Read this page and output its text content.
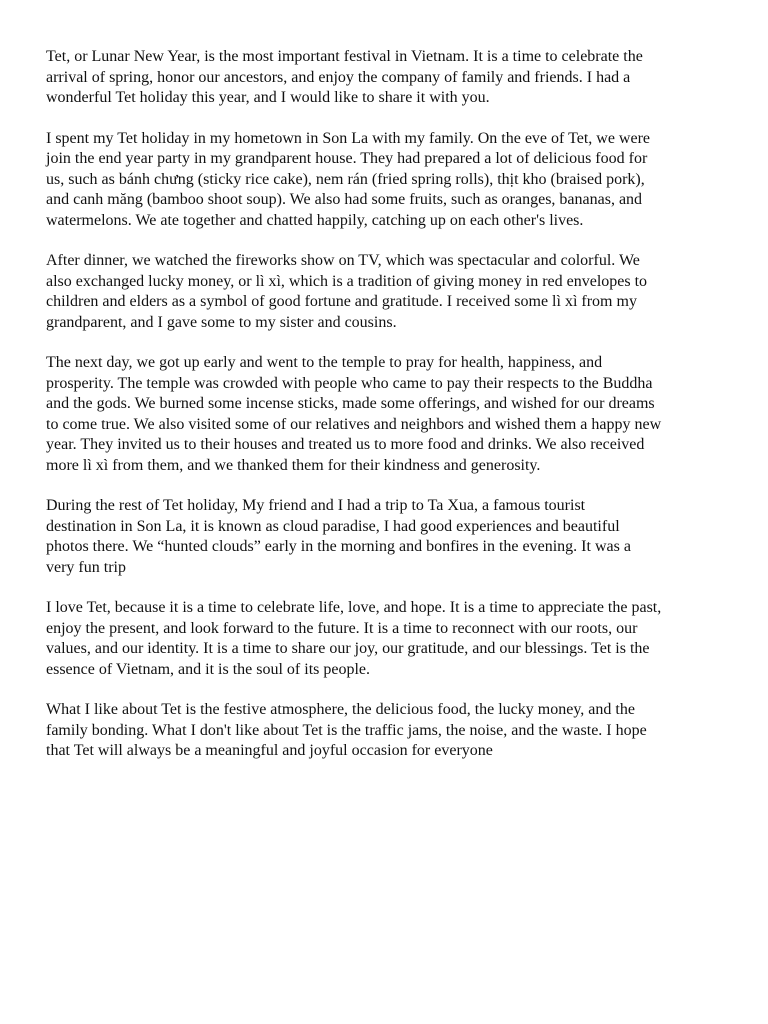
Tet, or Lunar New Year, is the most important festival in Vietnam. It is a time to celebrate the
arrival of spring, honor our ancestors, and enjoy the company of family and friends. I had a
wonderful Tet holiday this year, and I would like to share it with you.

I spent my Tet holiday in my hometown in Son La with my family. On the eve of Tet, we were
join the end year party in my grandparent house. They had prepared a lot of delicious food for
us, such as bánh chưng (sticky rice cake), nem rán (fried spring rolls), thịt kho (braised pork),
and canh măng (bamboo shoot soup). We also had some fruits, such as oranges, bananas, and
watermelons. We ate together and chatted happily, catching up on each other's lives.

After dinner, we watched the fireworks show on TV, which was spectacular and colorful. We
also exchanged lucky money, or lì xì, which is a tradition of giving money in red envelopes to
children and elders as a symbol of good fortune and gratitude. I received some lì xì from my
grandparent, and I gave some to my sister and cousins.

The next day, we got up early and went to the temple to pray for health, happiness, and
prosperity. The temple was crowded with people who came to pay their respects to the Buddha
and the gods. We burned some incense sticks, made some offerings, and wished for our dreams
to come true. We also visited some of our relatives and neighbors and wished them a happy new
year. They invited us to their houses and treated us to more food and drinks. We also received
more lì xì from them, and we thanked them for their kindness and generosity.

During the rest of Tet holiday, My friend and I had a trip to Ta Xua, a famous tourist
destination in Son La, it is known as cloud paradise, I had good experiences and beautiful
photos there. We “hunted clouds” early in the morning and bonfires in the evening. It was a
very fun trip

I love Tet, because it is a time to celebrate life, love, and hope. It is a time to appreciate the past,
enjoy the present, and look forward to the future. It is a time to reconnect with our roots, our
values, and our identity. It is a time to share our joy, our gratitude, and our blessings. Tet is the
essence of Vietnam, and it is the soul of its people.

What I like about Tet is the festive atmosphere, the delicious food, the lucky money, and the
family bonding. What I don't like about Tet is the traffic jams, the noise, and the waste. I hope
that Tet will always be a meaningful and joyful occasion for everyone
